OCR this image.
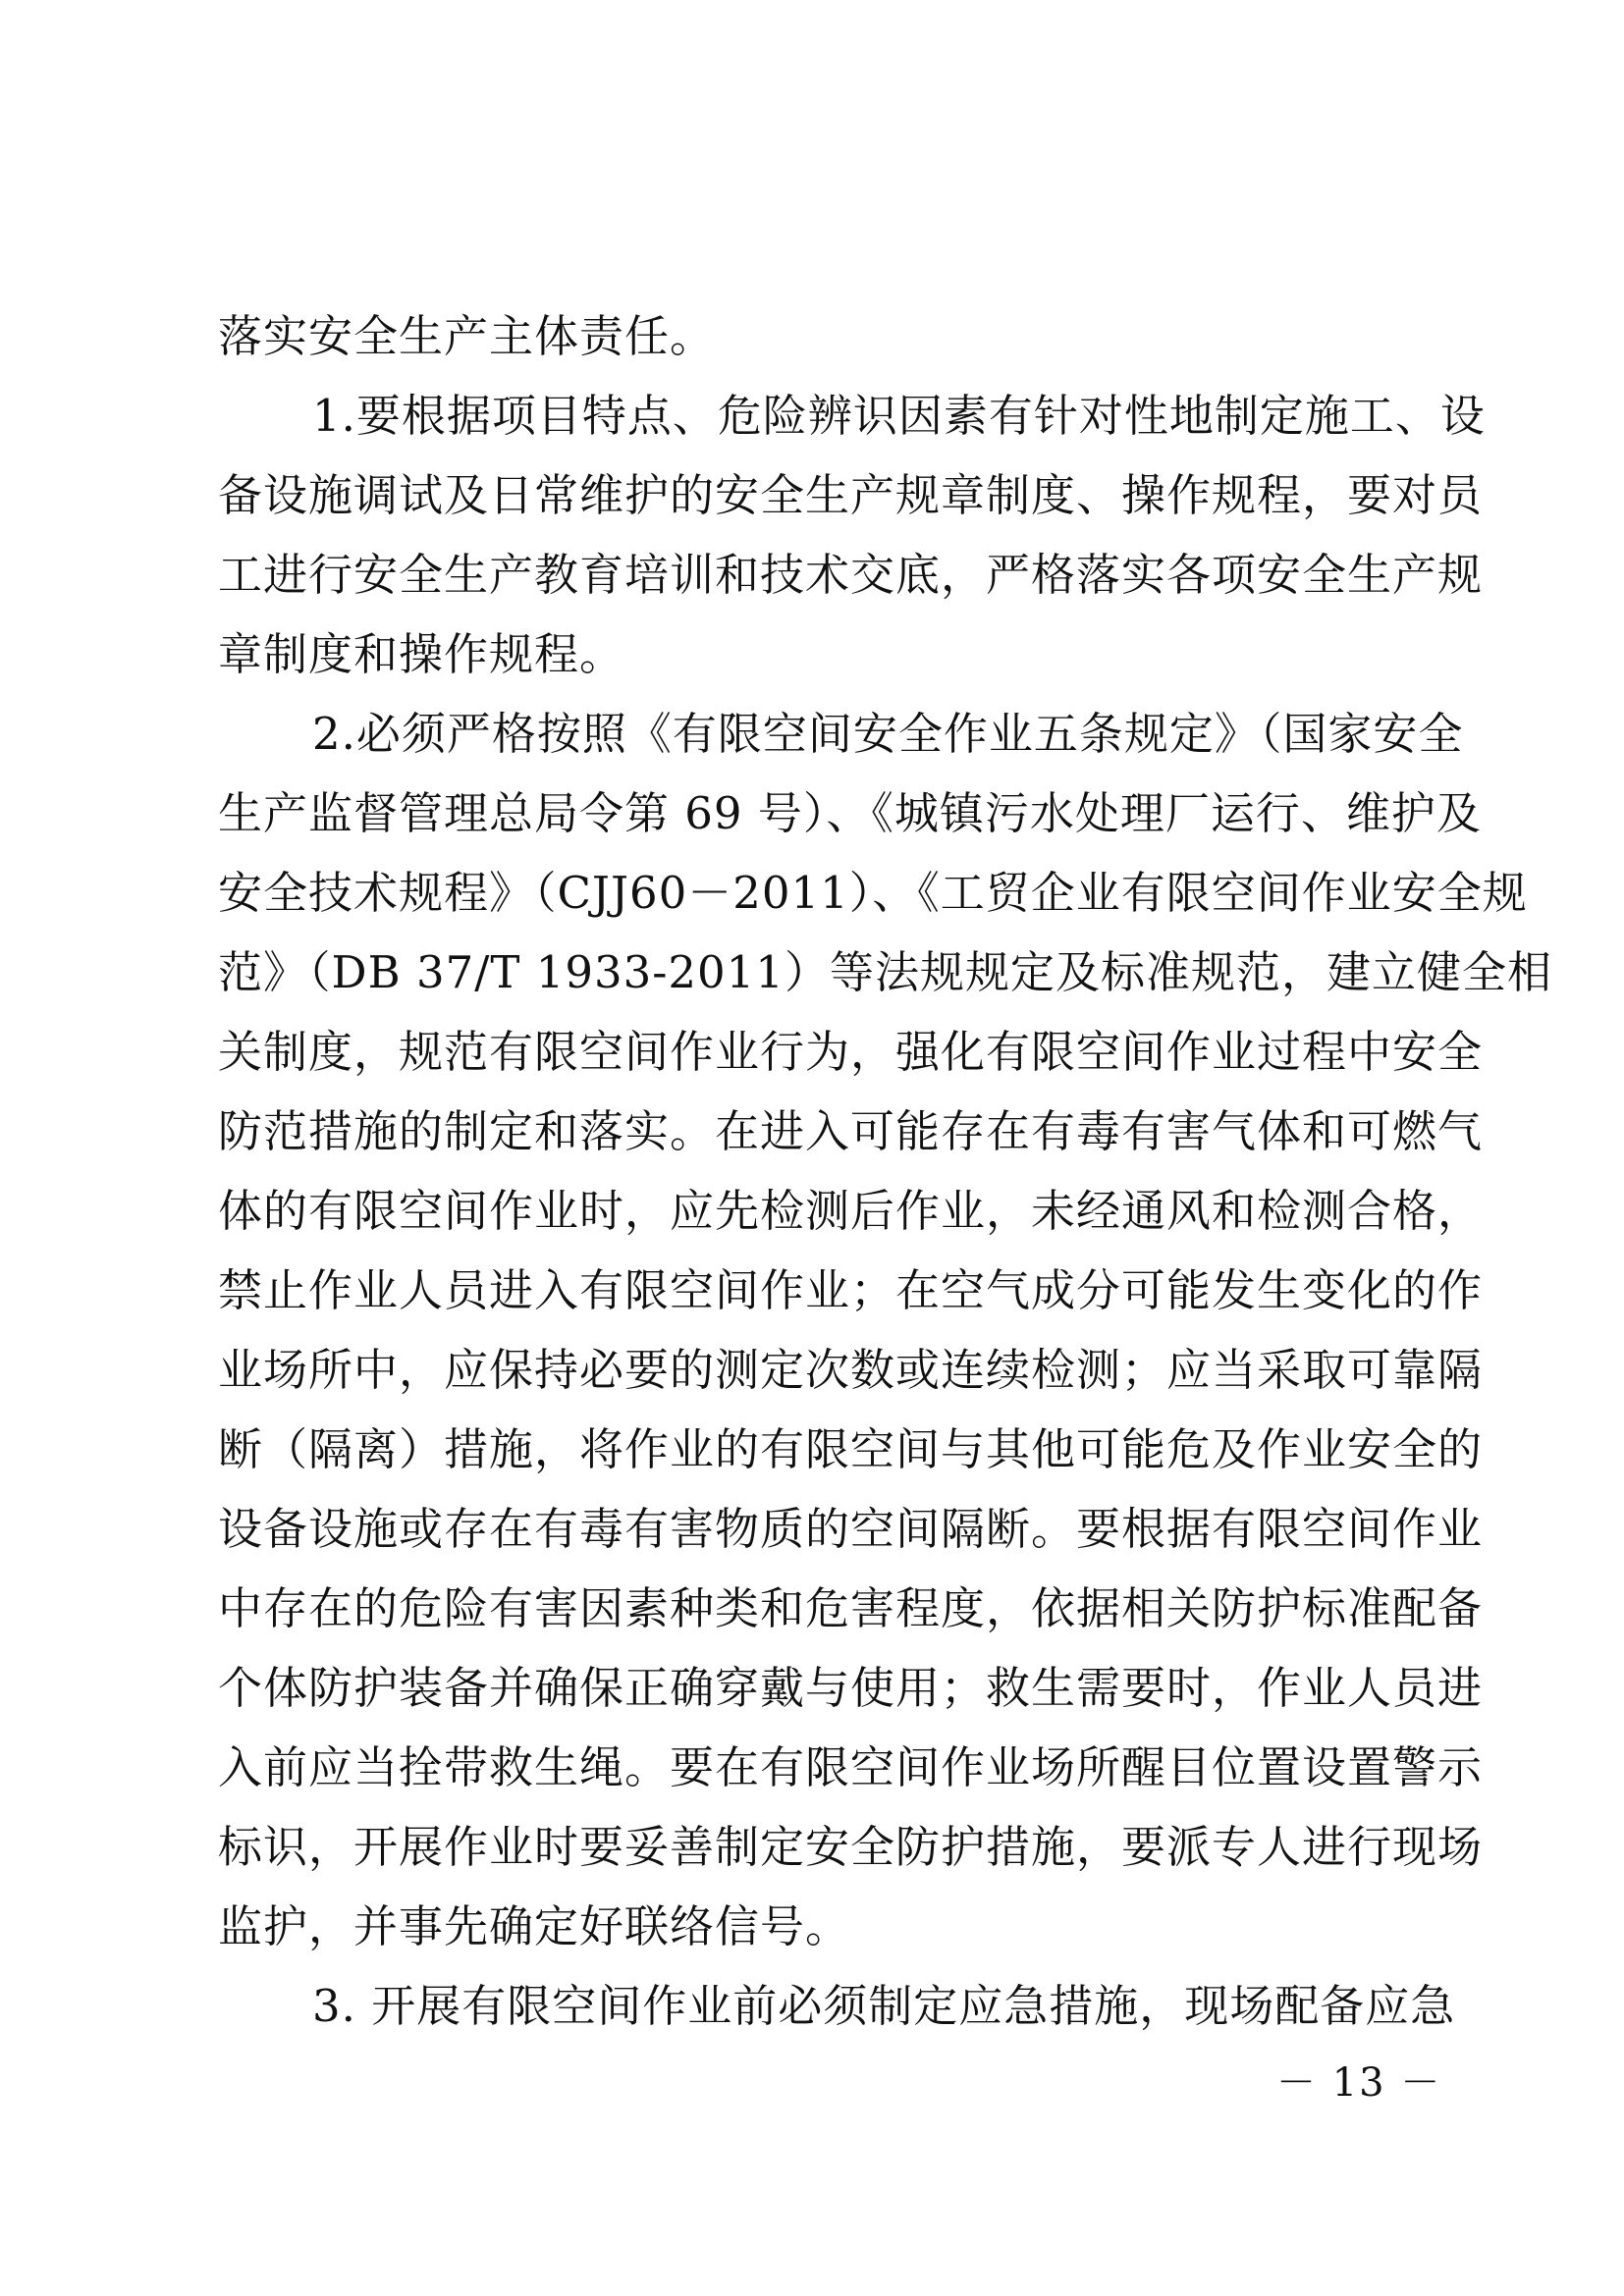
落实安全生产主体责任。
1.要根据项目特点、危险辨识因素有针对性地制定施工、设
备设施调试及日常维护的安全生产规章制度、操作规程，要对员
工进行安全生产教育培训和技术交底，严格落实各项安全生产规
章制度和操作规程。
2.必须严格按照《有限空间安全作业五条规定》（国家安全
生产监督管理总局令第 69 号）、《城镇污水处理厂运行、维护及
安全技术规程》（CJJ60－2011）、《工贸企业有限空间作业安全规
范》（DB 37/T 1933-2011）等法规规定及标准规范，建立健全相
关制度，规范有限空间作业行为，强化有限空间作业过程中安全
防范措施的制定和落实。在进入可能存在有毒有害气体和可燃气
体的有限空间作业时，应先检测后作业，未经通风和检测合格，
禁止作业人员进入有限空间作业；在空气成分可能发生变化的作
业场所中，应保持必要的测定次数或连续检测；应当采取可靠隔
断（隔离）措施，将作业的有限空间与其他可能危及作业安全的
设备设施或存在有毒有害物质的空间隔断。要根据有限空间作业
中存在的危险有害因素种类和危害程度，依据相关防护标准配备
个体防护装备并确保正确穿戴与使用；救生需要时，作业人员进
入前应当拴带救生绳。要在有限空间作业场所醒目位置设置警示
标识，开展作业时要妥善制定安全防护措施，要派专人进行现场
监护，并事先确定好联络信号。
3. 开展有限空间作业前必须制定应急措施，现场配备应急
－ 13 －
